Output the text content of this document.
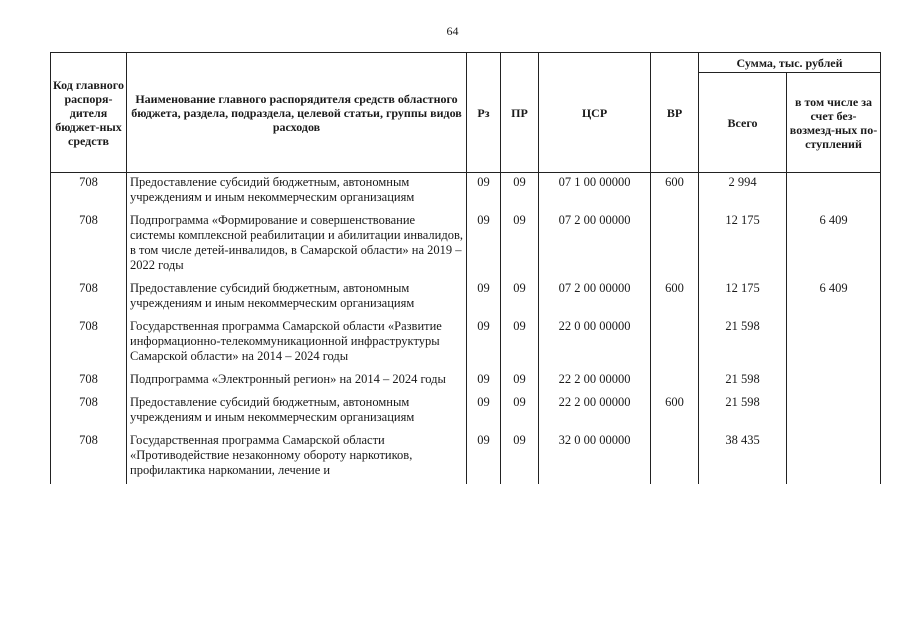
64
Код главного распоря-дителя бюджет-ных средств	Наименование главного распорядителя средств областного бюджета, раздела, подраздела, целевой статьи, группы видов расходов	Рз	ПР	ЦСР	ВР	Сумма, тыс. рублей	
						Всего	в том числе за счет без-возмезд-ных по-ступлений
708	Предоставление субсидий бюджетным, автономным учреждениям и иным некоммерческим организациям	09	09	07 1 00 00000	600	2 994	
708	Подпрограмма «Формирование и совершенствование системы комплексной реабилитации и абилитации инвалидов, в том числе детей-инвалидов, в Самарской области» на 2019 – 2022 годы	09	09	07 2 00 00000		12 175	6 409
708	Предоставление субсидий бюджетным, автономным учреждениям и иным некоммерческим организациям	09	09	07 2 00 00000	600	12 175	6 409
708	Государственная программа Самарской области «Развитие информационно-телекоммуникационной инфраструктуры Самарской области» на 2014 – 2024 годы	09	09	22 0 00 00000		21 598	
708	Подпрограмма «Электронный регион» на 2014 – 2024 годы	09	09	22 2 00 00000		21 598	
708	Предоставление субсидий бюджетным, автономным учреждениям и иным некоммерческим организациям	09	09	22 2 00 00000	600	21 598	
708	Государственная программа Самарской области «Противодействие незаконному обороту наркотиков, профилактика наркомании, лечение и	09	09	32 0 00 00000		38 435	
